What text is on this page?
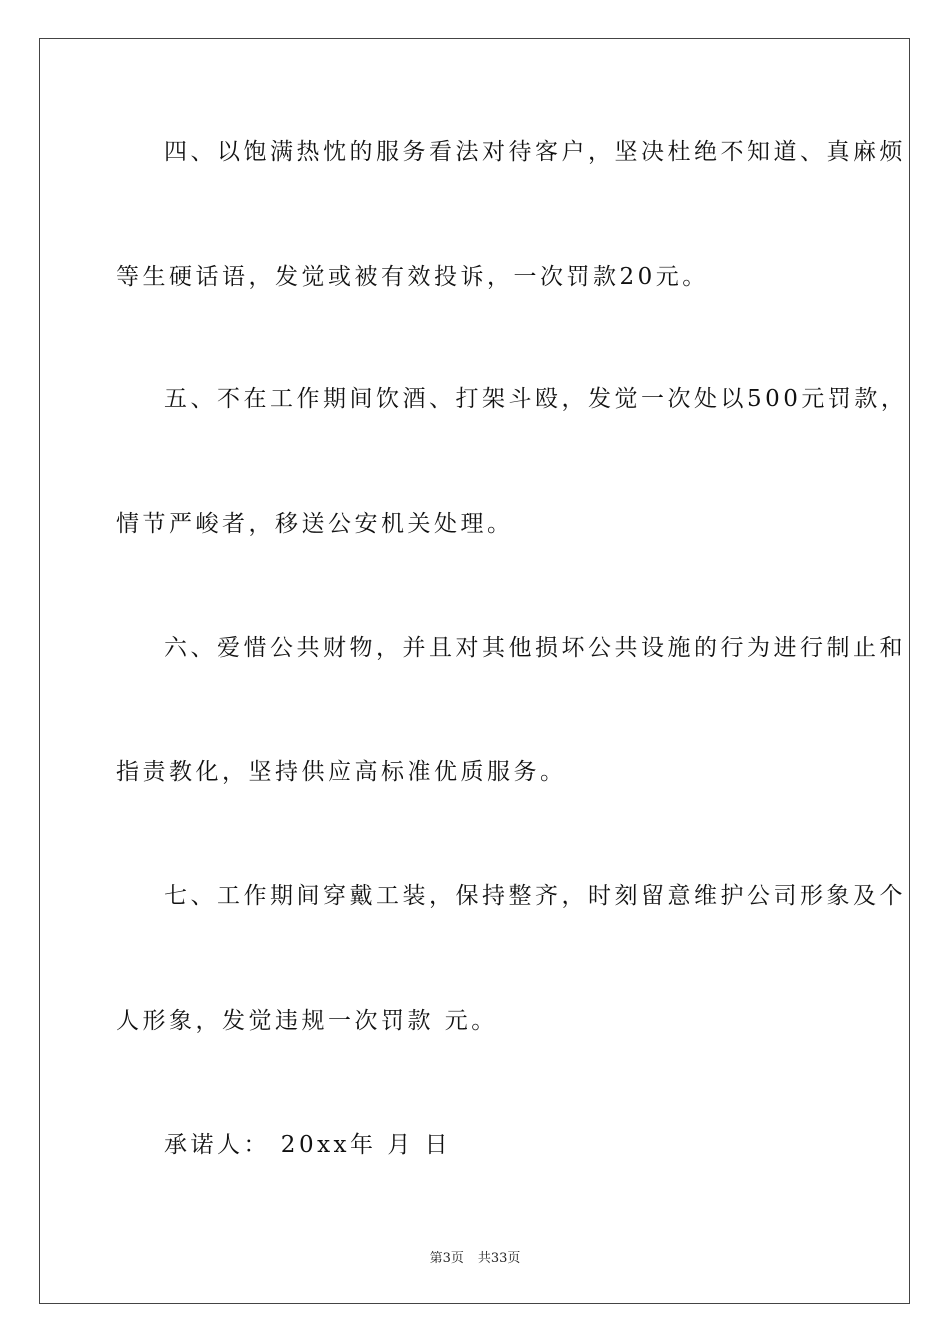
四、以饱满热忱的服务看法对待客户，坚决杜绝不知道、真麻烦
等生硬话语，发觉或被有效投诉，一次罚款20元。
五、不在工作期间饮酒、打架斗殴，发觉一次处以500元罚款，
情节严峻者，移送公安机关处理。
六、爱惜公共财物，并且对其他损坏公共设施的行为进行制止和
指责教化，坚持供应高标准优质服务。
七、工作期间穿戴工装，保持整齐，时刻留意维护公司形象及个
人形象，发觉违规一次罚款 元。
承诺人： 20xx年 月 日
第3页 共33页
